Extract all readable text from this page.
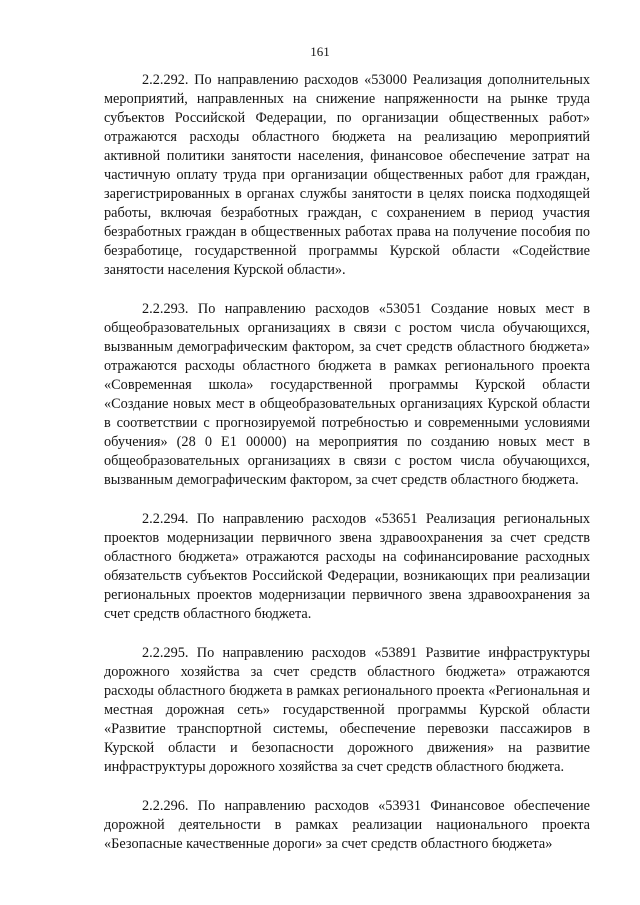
161

2.2.292. По направлению расходов «53000 Реализация дополнительных мероприятий, направленных на снижение напряженности на рынке труда субъектов Российской Федерации, по организации общественных работ» отражаются расходы областного бюджета на реализацию мероприятий активной политики занятости населения, финансовое обеспечение затрат на частичную оплату труда при организации общественных работ для граждан, зарегистрированных в органах службы занятости в целях поиска подходящей работы, включая безработных граждан, с сохранением в период участия безработных граждан в общественных работах права на получение пособия по безработице, государственной программы Курской области «Содействие занятости населения Курской области».

2.2.293. По направлению расходов «53051 Создание новых мест в общеобразовательных организациях в связи с ростом числа обучающихся, вызванным демографическим фактором, за счет средств областного бюджета» отражаются расходы областного бюджета в рамках регионального проекта «Современная школа» государственной программы Курской области «Создание новых мест в общеобразовательных организациях Курской области в соответствии с прогнозируемой потребностью и современными условиями обучения» (28 0 Е1 00000) на мероприятия по созданию новых мест в общеобразовательных организациях в связи с ростом числа обучающихся, вызванным демографическим фактором, за счет средств областного бюджета.

2.2.294. По направлению расходов «53651 Реализация региональных проектов модернизации первичного звена здравоохранения за счет средств областного бюджета» отражаются расходы на софинансирование расходных обязательств субъектов Российской Федерации, возникающих при реализации региональных проектов модернизации первичного звена здравоохранения за счет средств областного бюджета.

2.2.295. По направлению расходов «53891 Развитие инфраструктуры дорожного хозяйства за счет средств областного бюджета» отражаются расходы областного бюджета в рамках регионального проекта «Региональная и местная дорожная сеть» государственной программы Курской области «Развитие транспортной системы, обеспечение перевозки пассажиров в Курской области и безопасности дорожного движения» на развитие инфраструктуры дорожного хозяйства за счет средств областного бюджета.

2.2.296. По направлению расходов «53931 Финансовое обеспечение дорожной деятельности в рамках реализации национального проекта «Безопасные качественные дороги» за счет средств областного бюджета»
